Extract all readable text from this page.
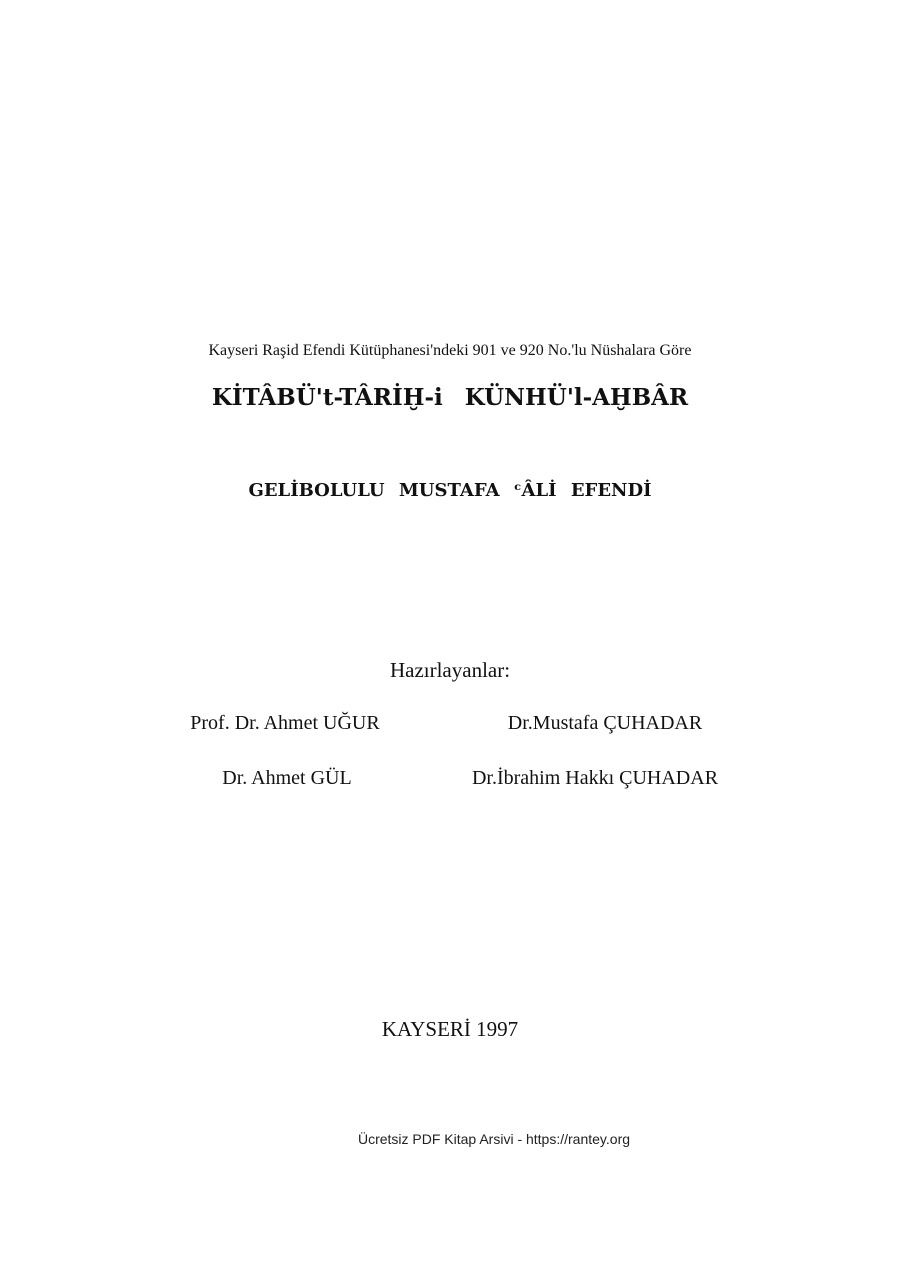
Kayseri Raşid Efendi Kütüphanesi'ndeki 901 ve 920 No.'lu Nüshalara Göre
KİTÂBÜ't-TÂRİḪ-i KÜNHÜ'l-AḪBÂR
GELİBOLULU MUSTAFA ᶜÂLİ EFENDİ
Hazırlayanlar:
Prof. Dr. Ahmet UĞUR	Dr.Mustafa ÇUHADAR
Dr. Ahmet GÜL	Dr.İbrahim Hakkı ÇUHADAR
KAYSERİ 1997
Ücretsiz PDF Kitap Arsivi - https://rantey.org
